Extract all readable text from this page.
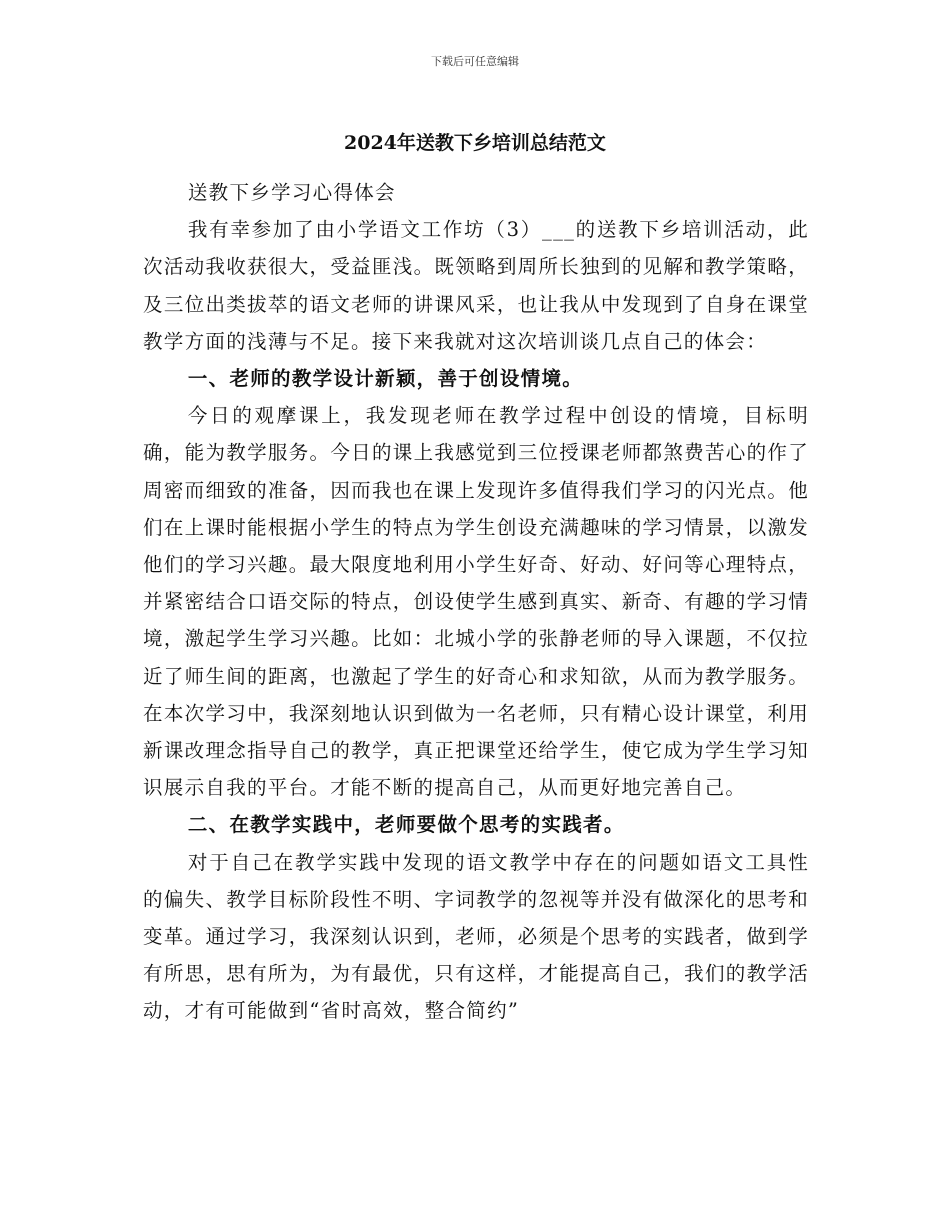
下载后可任意编辑
2024年送教下乡培训总结范文

送教下乡学习心得体会

我有幸参加了由小学语文工作坊（3）___的送教下乡培训活动，此次活动我收获很大，受益匪浅。既领略到周所长独到的见解和教学策略，及三位出类拔萃的语文老师的讲课风采，也让我从中发现到了自身在课堂教学方面的浅薄与不足。接下来我就对这次培训谈几点自己的体会：

一、老师的教学设计新颖，善于创设情境。

今日的观摩课上，我发现老师在教学过程中创设的情境，目标明确，能为教学服务。今日的课上我感觉到三位授课老师都煞费苦心的作了周密而细致的准备，因而我也在课上发现许多值得我们学习的闪光点。他们在上课时能根据小学生的特点为学生创设充满趣味的学习情景，以激发他们的学习兴趣。最大限度地利用小学生好奇、好动、好问等心理特点，并紧密结合口语交际的特点，创设使学生感到真实、新奇、有趣的学习情境，激起学生学习兴趣。比如：北城小学的张静老师的导入课题，不仅拉近了师生间的距离，也激起了学生的好奇心和求知欲，从而为教学服务。在本次学习中，我深刻地认识到做为一名老师，只有精心设计课堂，利用新课改理念指导自己的教学，真正把课堂还给学生，使它成为学生学习知识展示自我的平台。才能不断的提高自己，从而更好地完善自己。

二、在教学实践中，老师要做个思考的实践者。

对于自己在教学实践中发现的语文教学中存在的问题如语文工具性的偏失、教学目标阶段性不明、字词教学的忽视等并没有做深化的思考和变革。通过学习，我深刻认识到，老师，必须是个思考的实践者，做到学有所思，思有所为，为有最优，只有这样，才能提高自己，我们的教学活动，才有可能做到“省时高效，整合简约”
